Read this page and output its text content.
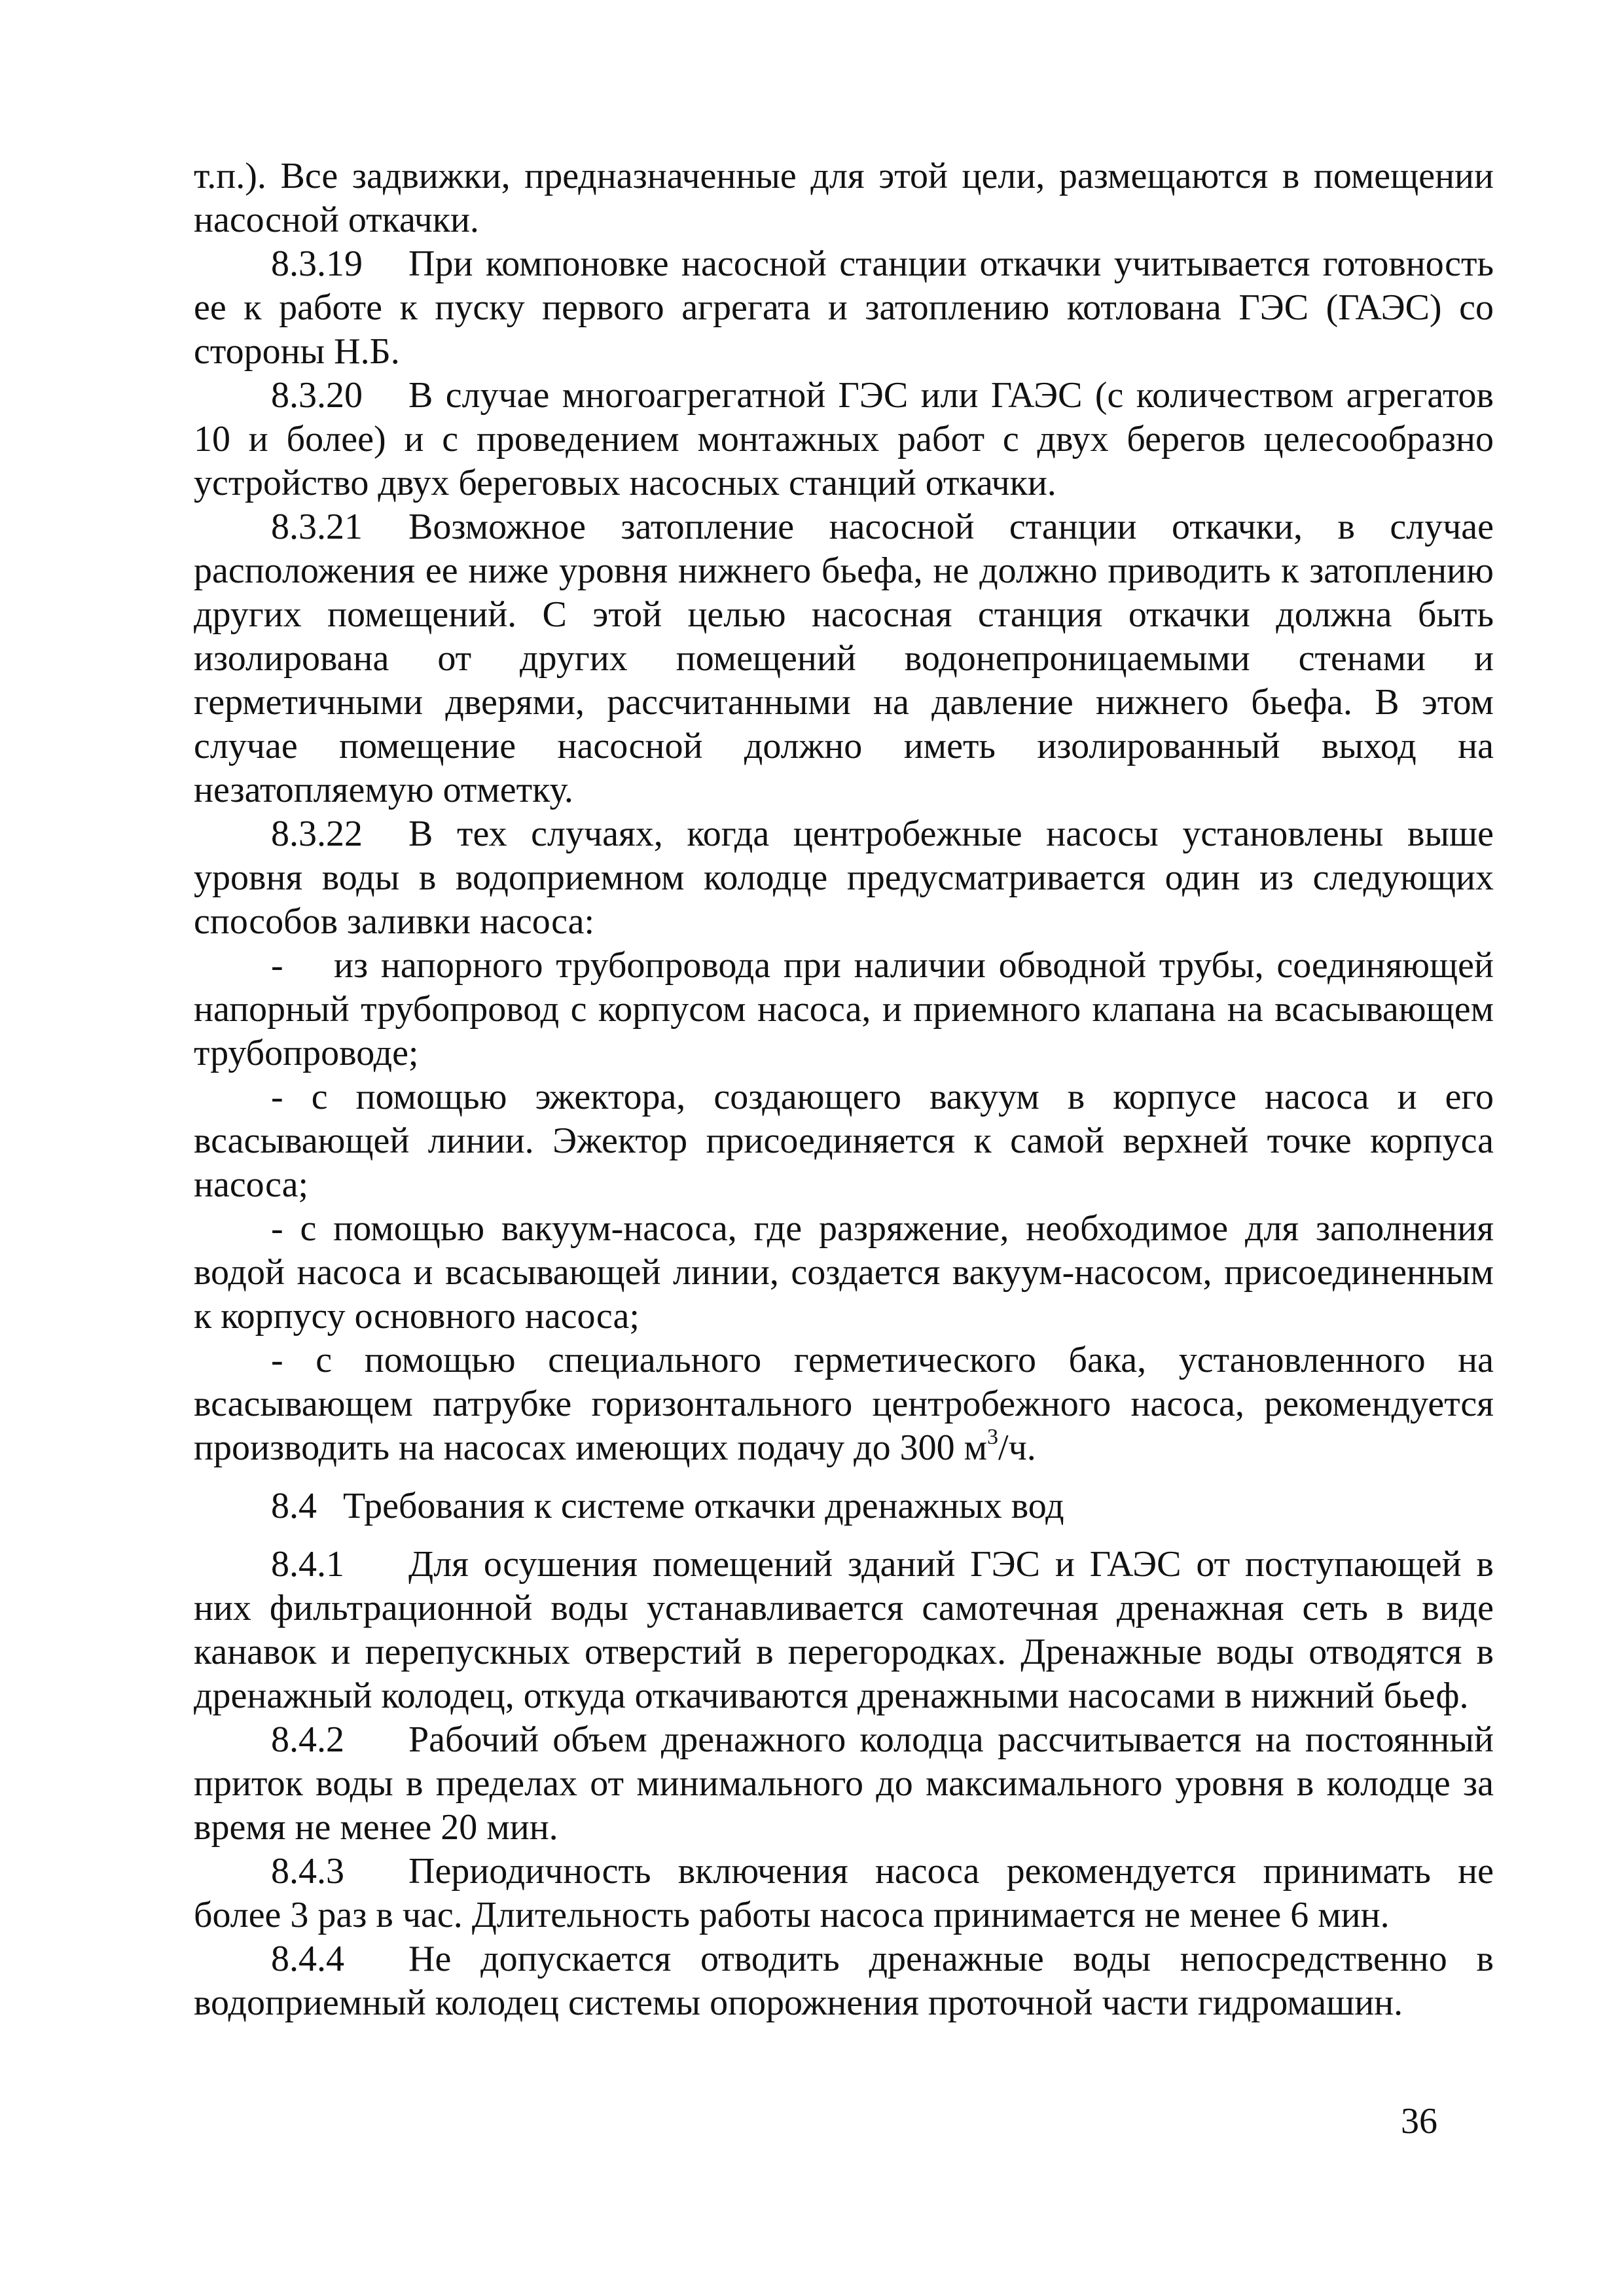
т.п.). Все задвижки, предназначенные для этой цели, размещаются в помещении насосной откачки.

8.3.19 При компоновке насосной станции откачки учитывается готовность ее к работе к пуску первого агрегата и затоплению котлована ГЭС (ГАЭС) со стороны Н.Б.

8.3.20 В случае многоагрегатной ГЭС или ГАЭС (с количеством агрегатов 10 и более) и с проведением монтажных работ с двух берегов целесообразно устройство двух береговых насосных станций откачки.

8.3.21 Возможное затопление насосной станции откачки, в случае расположения ее ниже уровня нижнего бьефа, не должно приводить к затоплению других помещений. С этой целью насосная станция откачки должна быть изолирована от других помещений водонепроницаемыми стенами и герметичными дверями, рассчитанными на давление нижнего бьефа. В этом случае помещение насосной должно иметь изолированный выход на незатопляемую отметку.

8.3.22 В тех случаях, когда центробежные насосы установлены выше уровня воды в водоприемном колодце предусматривается один из следующих способов заливки насоса:

- из напорного трубопровода при наличии обводной трубы, соединяющей напорный трубопровод с корпусом насоса, и приемного клапана на всасывающем трубопроводе;

- с помощью эжектора, создающего вакуум в корпусе насоса и его всасывающей линии. Эжектор присоединяется к самой верхней точке корпуса насоса;

- с помощью вакуум-насоса, где разряжение, необходимое для заполнения водой насоса и всасывающей линии, создается вакуум-насосом, присоединенным к корпусу основного насоса;

- с помощью специального герметического бака, установленного на всасывающем патрубке горизонтального центробежного насоса, рекомендуется производить на насосах имеющих подачу до 300 $м^3/ч$.

8.4 Требования к системе откачки дренажных вод

8.4.1 Для осушения помещений зданий ГЭС и ГАЭС от поступающей в них фильтрационной воды устанавливается самотечная дренажная сеть в виде канавок и перепускных отверстий в перегородках. Дренажные воды отводятся в дренажный колодец, откуда откачиваются дренажными насосами в нижний бьеф.

8.4.2 Рабочий объем дренажного колодца рассчитывается на постоянный приток воды в пределах от минимального до максимального уровня в колодце за время не менее 20 мин.

8.4.3 Периодичность включения насоса рекомендуется принимать не более 3 раз в час. Длительность работы насоса принимается не менее 6 мин.

8.4.4 Не допускается отводить дренажные воды непосредственно в водоприемный колодец системы опорожнения проточной части гидромашин.

36
